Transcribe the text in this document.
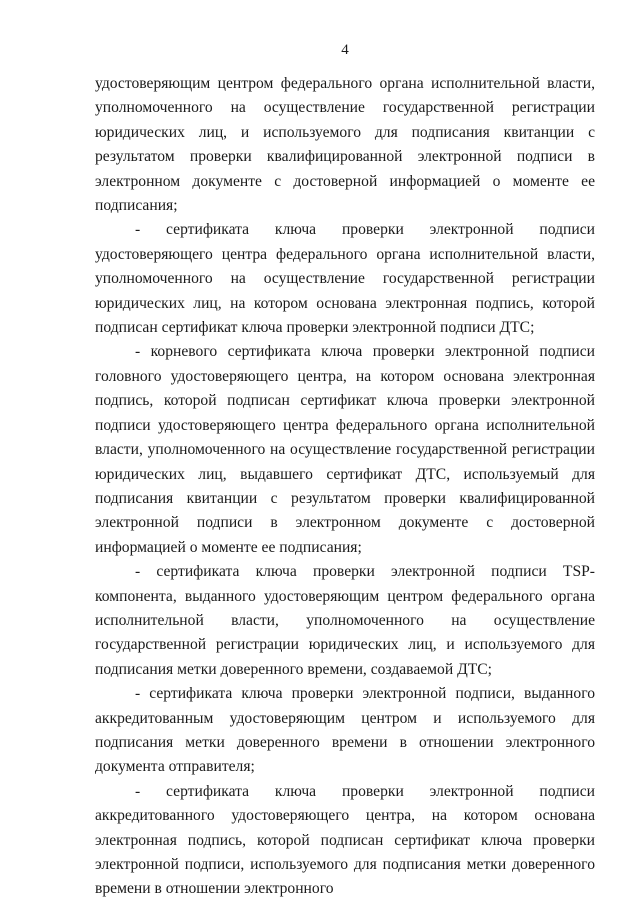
4

удостоверяющим центром федерального органа исполнительной власти, уполномоченного на осуществление государственной регистрации юридических лиц, и используемого для подписания квитанции с результатом проверки квалифицированной электронной подписи в электронном документе с достоверной информацией о моменте ее подписания;

- сертификата ключа проверки электронной подписи удостоверяющего центра федерального органа исполнительной власти, уполномоченного на осуществление государственной регистрации юридических лиц, на котором основана электронная подпись, которой подписан сертификат ключа проверки электронной подписи ДТС;

- корневого сертификата ключа проверки электронной подписи головного удостоверяющего центра, на котором основана электронная подпись, которой подписан сертификат ключа проверки электронной подписи удостоверяющего центра федерального органа исполнительной власти, уполномоченного на осуществление государственной регистрации юридических лиц, выдавшего сертификат ДТС, используемый для подписания квитанции с результатом проверки квалифицированной электронной подписи в электронном документе с достоверной информацией о моменте ее подписания;

- сертификата ключа проверки электронной подписи TSP-компонента, выданного удостоверяющим центром федерального органа исполнительной власти, уполномоченного на осуществление государственной регистрации юридических лиц, и используемого для подписания метки доверенного времени, создаваемой ДТС;

- сертификата ключа проверки электронной подписи, выданного аккредитованным удостоверяющим центром и используемого для подписания метки доверенного времени в отношении электронного документа отправителя;

- сертификата ключа проверки электронной подписи аккредитованного удостоверяющего центра, на котором основана электронная подпись, которой подписан сертификат ключа проверки электронной подписи, используемого для подписания метки доверенного времени в отношении электронного
